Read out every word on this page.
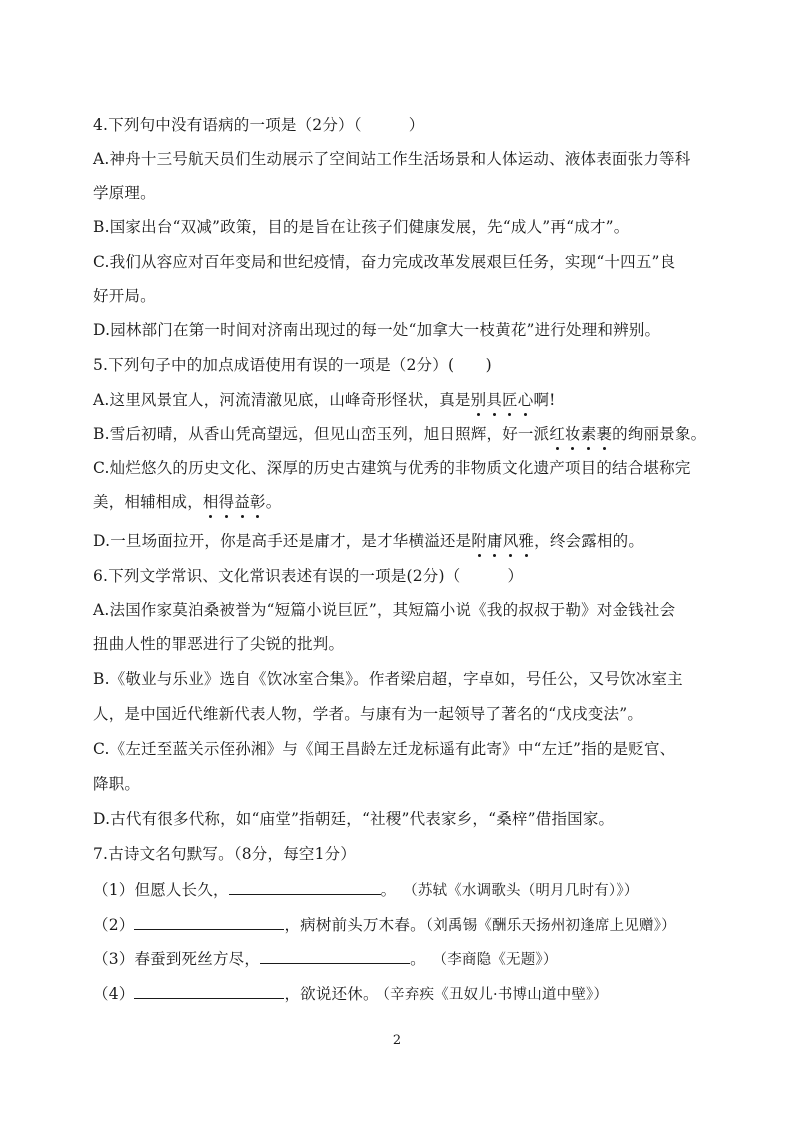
4.下列句中没有语病的一项是（2分）（　　　）
A.神舟十三号航天员们生动展示了空间站工作生活场景和人体运动、液体表面张力等科
学原理。
B.国家出台“双减”政策，目的是旨在让孩子们健康发展，先“成人”再“成才”。
C.我们从容应对百年变局和世纪疫情，奋力完成改革发展艰巨任务，实现“十四五”良
好开局。
D.园林部门在第一时间对济南出现过的每一处“加拿大一枝黄花”进行处理和辨别。
5.下列句子中的加点成语使用有误的一项是（2分）(　　)
A.这里风景宜人，河流清澈见底，山峰奇形怪状，真是别具匠心啊!
B.雪后初晴，从香山凭高望远，但见山峦玉列，旭日照辉，好一派红妆素裹的绚丽景象。
C.灿烂悠久的历史文化、深厚的历史古建筑与优秀的非物质文化遗产项目的结合堪称完
美，相辅相成，相得益彰。
D.一旦场面拉开，你是高手还是庸才，是才华横溢还是附庸风雅，终会露相的。
6.下列文学常识、文化常识表述有误的一项是(2分)（　　　）
A.法国作家莫泊桑被誉为“短篇小说巨匠”，其短篇小说《我的叔叔于勒》对金钱社会
扭曲人性的罪恶进行了尖锐的批判。
B.《敬业与乐业》选自《饮冰室合集》。作者梁启超，字卓如，号任公，又号饮冰室主
人，是中国近代维新代表人物，学者。与康有为一起领导了著名的“戊戌变法”。
C.《左迁至蓝关示侄孙湘》与《闻王昌龄左迁龙标遥有此寄》中“左迁”指的是贬官、
降职。
D.古代有很多代称，如“庙堂”指朝廷，“社稷”代表家乡，“桑梓”借指国家。
7.古诗文名句默写。（8分，每空1分）
（1）但愿人长久，	。 （苏轼《水调歌头（明月几时有）》）
（2）	，病树前头万木春。（刘禹锡《酬乐天扬州初逢席上见赠》）
（3）春蚕到死丝方尽，	。 （李商隐《无题》）
（4）	，欲说还休。 （辛弃疾《丑奴儿·书博山道中壁》）
2
